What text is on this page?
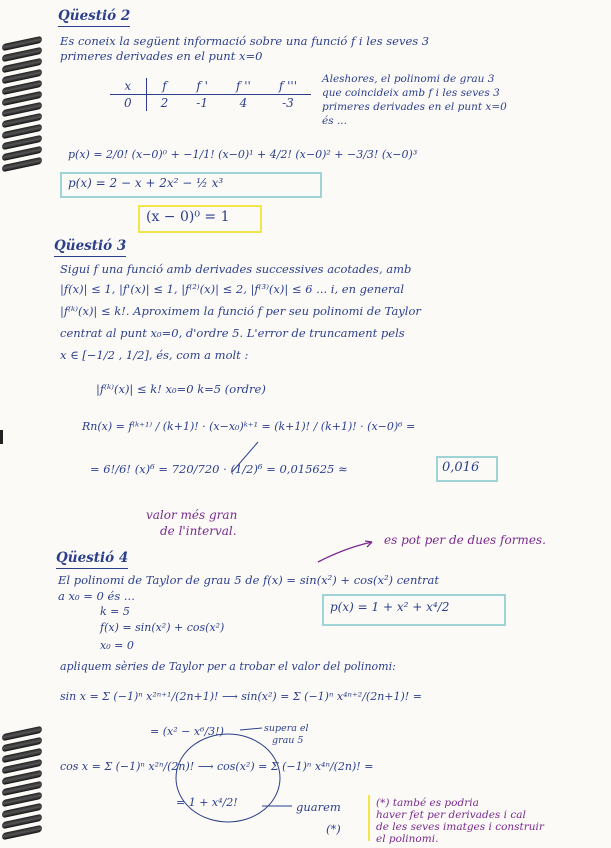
Qüestió 2
Es coneix la següent informació sobre una funció f i les seves 3
primeres derivades en el punt x=0
x	f	f '	f ''	f '''
0	2	-1	4	-3
Aleshores, el polinomi de grau 3
que coincideix amb f i les seves 3
primeres derivades en el punt x=0
és ...
p(x) = 2/0! (x−0)⁰ + −1/1! (x−0)¹ + 4/2! (x−0)² + −3/3! (x−0)³
p(x) = 2 − x + 2x² − ½ x³
(x − 0)⁰ = 1
Qüestió 3
Sigui f una funció amb derivades successives acotades, amb
|f(x)| ≤ 1, |f'(x)| ≤ 1, |f⁽²⁾(x)| ≤ 2, |f⁽³⁾(x)| ≤ 6 ... i, en general
|f⁽ᵏ⁾(x)| ≤ k!. Aproximem la funció f per seu polinomi de Taylor
centrat al punt x₀=0, d'ordre 5. L'error de truncament pels
x ∈ [−1/2 , 1/2], és, com a molt :
|f⁽ᵏ⁾(x)| ≤ k! x₀=0 k=5 (ordre)
Rn(x) = f⁽ᵏ⁺¹⁾ / (k+1)! · (x−x₀)ᵏ⁺¹ = (k+1)! / (k+1)! · (x−0)⁶ =
= 6!/6! (x)⁶ = 720/720 · (1/2)⁶ = 0,015625 ≈	0,016
valor més gran
de l'interval.
Qüestió 4
es pot per de dues formes.
El polinomi de Taylor de grau 5 de f(x) = sin(x²) + cos(x²) centrat
a x₀ = 0 és ...
p(x) = 1 + x² + x⁴/2
k = 5
f(x) = sin(x²) + cos(x²)
x₀ = 0
apliquem sèries de Taylor per a trobar el valor del polinomi:
sin x = Σ (−1)ⁿ x²ⁿ⁺¹/(2n+1)! ⟶ sin(x²) = Σ (−1)ⁿ x⁴ⁿ⁺²/(2n+1)! =
= (x² − x⁶/3!)	supera el
grau 5
cos x = Σ (−1)ⁿ x²ⁿ/(2n)! ⟶ cos(x²) = Σ (−1)ⁿ x⁴ⁿ/(2n)! =
= 1 + x⁴/2!	guarem
(*)
(*) també es podria
haver fet per derivades i cal
de les seves imatges i construir
el polinomi.
